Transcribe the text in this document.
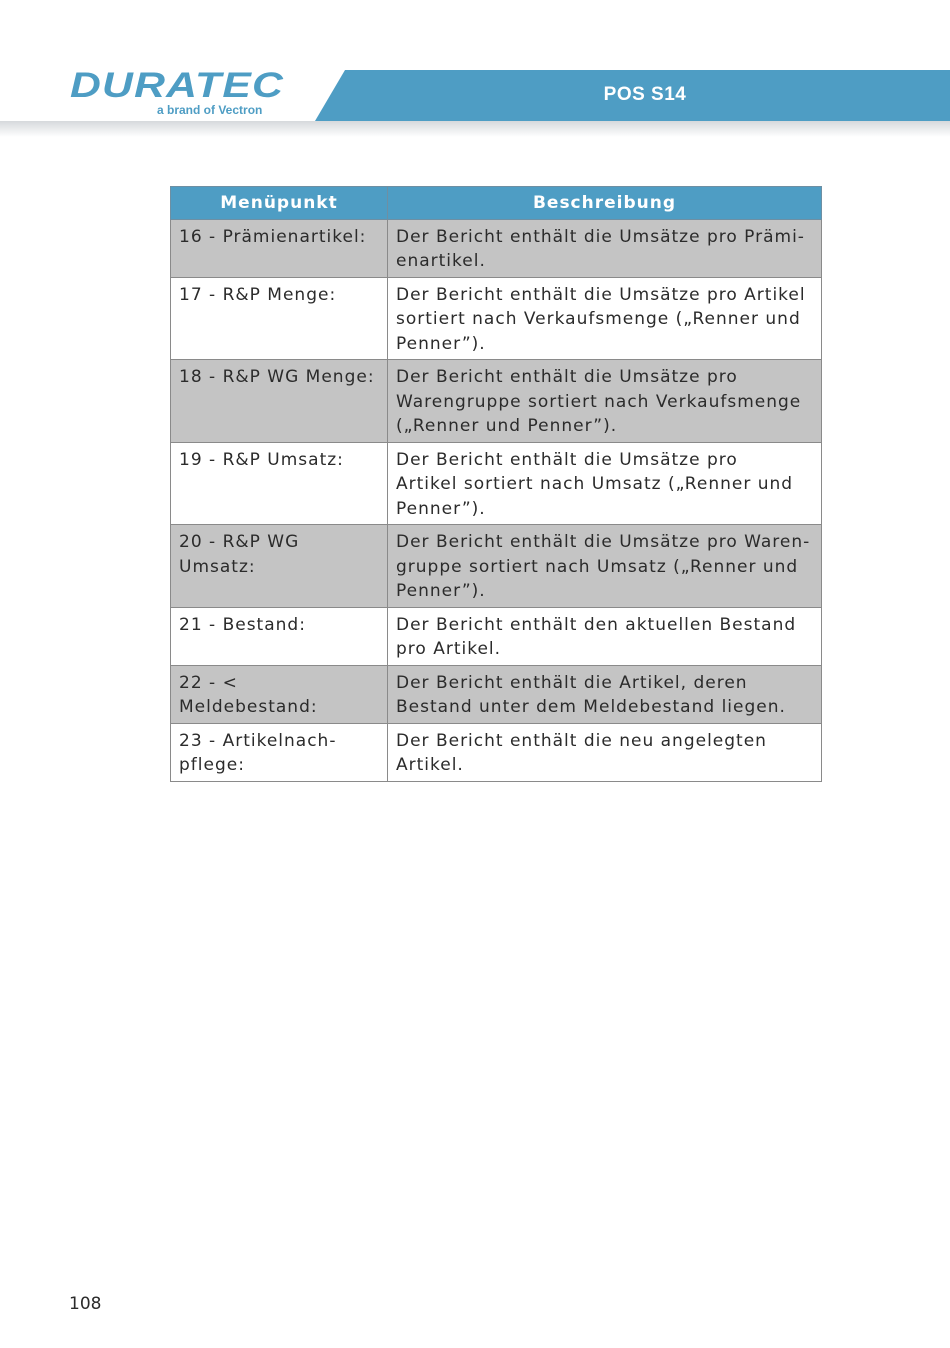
DURATEC
a brand of Vectron
POS S14
Menüpunkt	Beschreibung
16 - Prämienartikel:	Der Bericht enthält die Umsätze pro Prämi-
enartikel.
17 - R&P Menge:	Der Bericht enthält die Umsätze pro Artikel
sortiert nach Verkaufsmenge („Renner und
Penner”).
18 - R&P WG Menge:	Der Bericht enthält die Umsätze pro
Warengruppe sortiert nach Verkaufsmenge
(„Renner und Penner”).
19 - R&P Umsatz:	Der Bericht enthält die Umsätze pro
Artikel sortiert nach Umsatz („Renner und
Penner”).
20 - R&P WG Umsatz:	Der Bericht enthält die Umsätze pro Waren-
gruppe sortiert nach Umsatz („Renner und
Penner”).
21 - Bestand:	Der Bericht enthält den aktuellen Bestand
pro Artikel.
22 - < Meldebestand:	Der Bericht enthält die Artikel, deren
Bestand unter dem Meldebestand liegen.
23 - Artikelnach-
pflege:	Der Bericht enthält die neu angelegten
Artikel.
108
